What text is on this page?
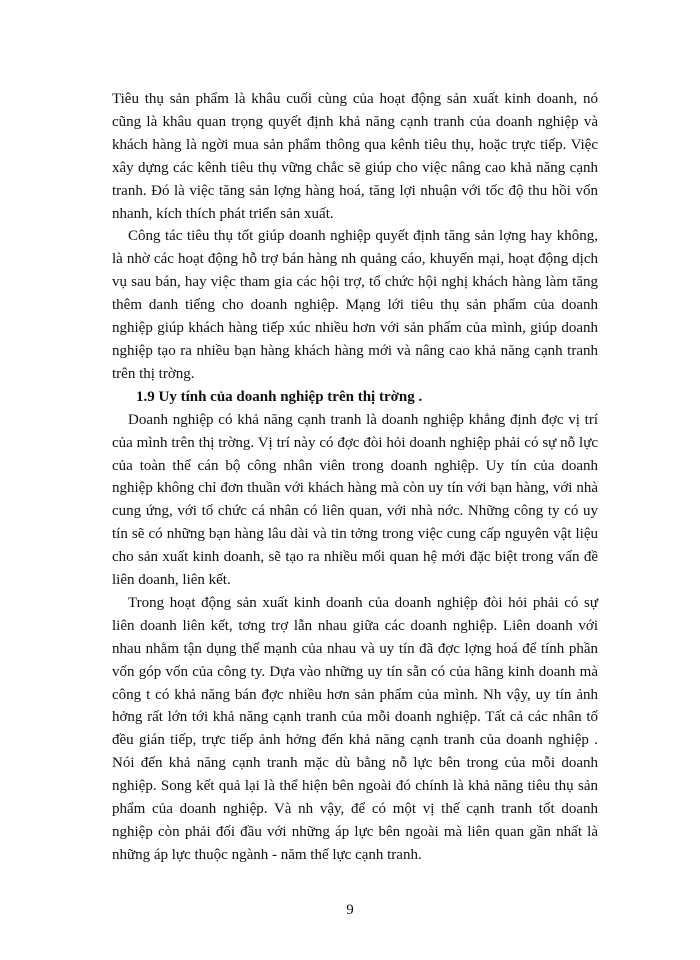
Tiêu thụ sản phẩm là khâu cuối cùng của hoạt động sản xuất kinh doanh, nó cũng là khâu quan trọng quyết định khả năng cạnh tranh của doanh nghiệp và khách hàng là ngời mua sản phẩm thông qua kênh tiêu thụ, hoặc trực tiếp. Việc xây dựng các kênh tiêu thụ vững chắc sẽ giúp cho việc nâng cao khả năng cạnh tranh. Đó là việc tăng sản lợng hàng hoá, tăng lợi nhuận với tốc độ thu hồi vốn nhanh, kích thích phát triển sản xuất.

Công tác tiêu thụ tốt giúp doanh nghiệp quyết định tăng sản lợng hay không, là nhờ các hoạt động hỗ trợ bán hàng nh quảng cáo, khuyến mại, hoạt động dịch vụ sau bán, hay việc tham gia các hội trợ, tổ chức hội nghị khách hàng làm tăng thêm danh tiếng cho doanh nghiệp. Mạng lới tiêu thụ sản phẩm của doanh nghiệp giúp khách hàng tiếp xúc nhiều hơn với sản phẩm của mình, giúp doanh nghiệp tạo ra nhiều bạn hàng khách hàng mới và nâng cao khả năng cạnh tranh trên thị trờng.

1.9 Uy tính của doanh nghiệp trên thị trờng .

Doanh nghiệp có khả năng cạnh tranh là doanh nghiệp khẳng định đợc vị trí của mình trên thị trờng. Vị trí này có đợc đòi hỏi doanh nghiệp phải có sự nỗ lực của toàn thể cán bộ công nhân viên trong doanh nghiệp. Uy tín của doanh nghiệp không chỉ đơn thuần với khách hàng mà còn uy tín với bạn hàng, với nhà cung ứng, với tổ chức cá nhân có liên quan, với nhà nớc. Những công ty có uy tín sẽ có những bạn hàng lâu dài và tin tởng trong việc cung cấp nguyên vật liệu cho sản xuất kinh doanh, sẽ tạo ra nhiều mối quan hệ mới đặc biệt trong vấn đề liên doanh, liên kết.

Trong hoạt động sản xuất kinh doanh của doanh nghiệp đòi hỏi phải có sự liên doanh liên kết, tơng trợ lẫn nhau giữa các doanh nghiệp. Liên doanh với nhau nhằm tận dụng thế mạnh của nhau và uy tín đã đợc lợng hoá để tính phần vốn góp vốn của công ty. Dựa vào những uy tín sẵn có của hãng kinh doanh mà công t có khả năng bán đợc nhiều hơn sản phẩm của mình. Nh vậy, uy tín ảnh hởng rất lớn tới khả năng cạnh tranh của mỗi doanh nghiệp. Tất cả các nhân tố đều gián tiếp, trực tiếp ảnh hởng đến khả năng cạnh tranh của doanh nghiệp . Nói đến khả năng cạnh tranh mặc dù bằng nỗ lực bên trong của mỗi doanh nghiệp. Song kết quả lại là thể hiện bên ngoài đó chính là khả năng tiêu thụ sản phẩm của doanh nghiệp. Và nh vậy, để có một vị thế cạnh tranh tốt doanh nghiệp còn phải đối đầu với những áp lực bên ngoài mà liên quan gần nhất là những áp lực thuộc ngành - năm thế lực cạnh tranh.

9
